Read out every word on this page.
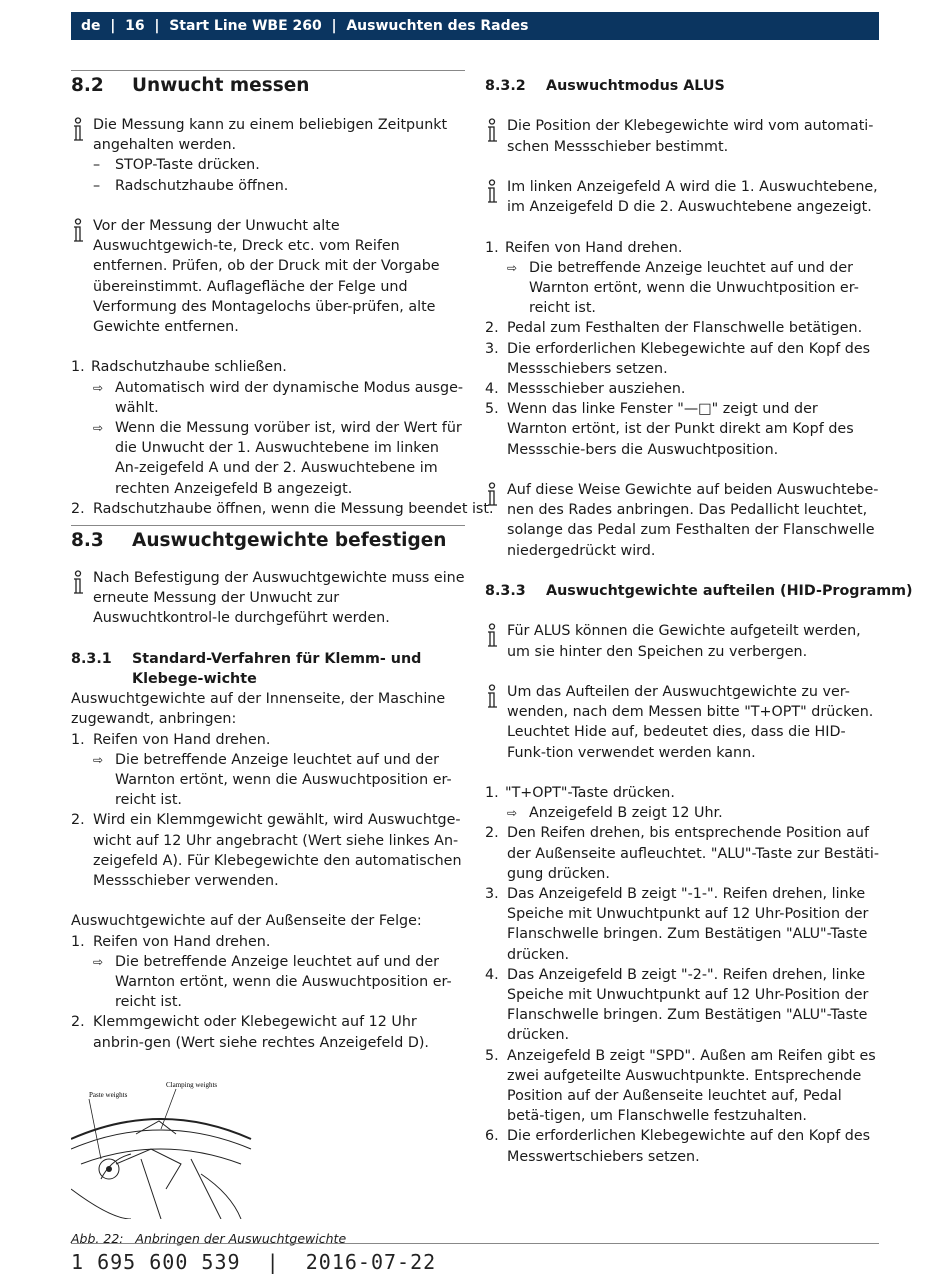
de  |  16  |  Start Line WBE 260  |  Auswuchten des Rades
8.2	Unwucht messen
Die Messung kann zu einem beliebigen Zeitpunkt angehalten werden.
– STOP-Taste drücken.
– Radschutzhaube öffnen.
Vor der Messung der Unwucht alte Auswuchtgewich-te, Dreck etc. vom Reifen entfernen. Prüfen, ob der Druck mit der Vorgabe übereinstimmt. Auflagefläche der Felge und Verformung des Montagelochs über-prüfen, alte Gewichte entfernen.
1. Radschutzhaube schließen.
⇨ Automatisch wird der dynamische Modus ausge-wählt.
⇨ Wenn die Messung vorüber ist, wird der Wert für die Unwucht der 1. Auswuchtebene im linken An-zeigefeld A und der 2. Auswuchtebene im rechten Anzeigefeld B angezeigt.
2. Radschutzhaube öffnen, wenn die Messung beendet ist.
8.3	Auswuchtgewichte befestigen
Nach Befestigung der Auswuchtgewichte muss eine erneute Messung der Unwucht zur Auswuchtkontrol-le durchgeführt werden.
8.3.1	Standard-Verfahren für Klemm- und Klebege-wichte
Auswuchtgewichte auf der Innenseite, der Maschine zugewandt, anbringen:
1. Reifen von Hand drehen.
⇨ Die betreffende Anzeige leuchtet auf und der Warnton ertönt, wenn die Auswuchtposition er-reicht ist.
2. Wird ein Klemmgewicht gewählt, wird Auswuchtge-wicht auf 12 Uhr angebracht (Wert siehe linkes An-zeigefeld A). Für Klebegewichte den automatischen Messschieber verwenden.
Auswuchtgewichte auf der Außenseite der Felge:
1. Reifen von Hand drehen.
⇨ Die betreffende Anzeige leuchtet auf und der Warnton ertönt, wenn die Auswuchtposition er-reicht ist.
2. Klemmgewicht oder Klebegewicht auf 12 Uhr anbrin-gen (Wert siehe rechtes Anzeigefeld D).
Clamping weights
Paste weights
Abb. 22:   Anbringen der Auswuchtgewichte
8.3.2	Auswuchtmodus ALUS
Die Position der Klebegewichte wird vom automati-schen Messschieber bestimmt.
Im linken Anzeigefeld A wird die 1. Auswuchtebene, im Anzeigefeld D die 2. Auswuchtebene angezeigt.
1. Reifen von Hand drehen.
⇨ Die betreffende Anzeige leuchtet auf und der Warnton ertönt, wenn die Unwuchtposition er-reicht ist.
2. Pedal zum Festhalten der Flanschwelle betätigen.
3. Die erforderlichen Klebegewichte auf den Kopf des Messschiebers setzen.
4. Messschieber ausziehen.
5. Wenn das linke Fenster "—□" zeigt und der Warnton ertönt, ist der Punkt direkt am Kopf des Messschie-bers die Auswuchtposition.
Auf diese Weise Gewichte auf beiden Auswuchtebe-nen des Rades anbringen. Das Pedallicht leuchtet, solange das Pedal zum Festhalten der Flanschwelle niedergedrückt wird.
8.3.3	Auswuchtgewichte aufteilen (HID-Programm)
Für ALUS können die Gewichte aufgeteilt werden, um sie hinter den Speichen zu verbergen.
Um das Aufteilen der Auswuchtgewichte zu ver-wenden, nach dem Messen bitte "T+OPT" drücken. Leuchtet Hide auf, bedeutet dies, dass die HID-Funk-tion verwendet werden kann.
1. "T+OPT"-Taste drücken.
⇨ Anzeigefeld B zeigt 12 Uhr.
2. Den Reifen drehen, bis entsprechende Position auf der Außenseite aufleuchtet. "ALU"-Taste zur Bestäti-gung drücken.
3. Das Anzeigefeld B zeigt "-1-". Reifen drehen, linke Speiche mit Unwuchtpunkt auf 12 Uhr-Position der Flanschwelle bringen. Zum Bestätigen "ALU"-Taste drücken.
4. Das Anzeigefeld B zeigt "-2-". Reifen drehen, linke Speiche mit Unwuchtpunkt auf 12 Uhr-Position der Flanschwelle bringen. Zum Bestätigen "ALU"-Taste drücken.
5. Anzeigefeld B zeigt "SPD". Außen am Reifen gibt es zwei aufgeteilte Auswuchtpunkte. Entsprechende Position auf der Außenseite leuchtet auf, Pedal betä-tigen, um Flanschwelle festzuhalten.
6. Die erforderlichen Klebegewichte auf den Kopf des Messwertschiebers setzen.
1 695 600 539  |  2016-07-22
